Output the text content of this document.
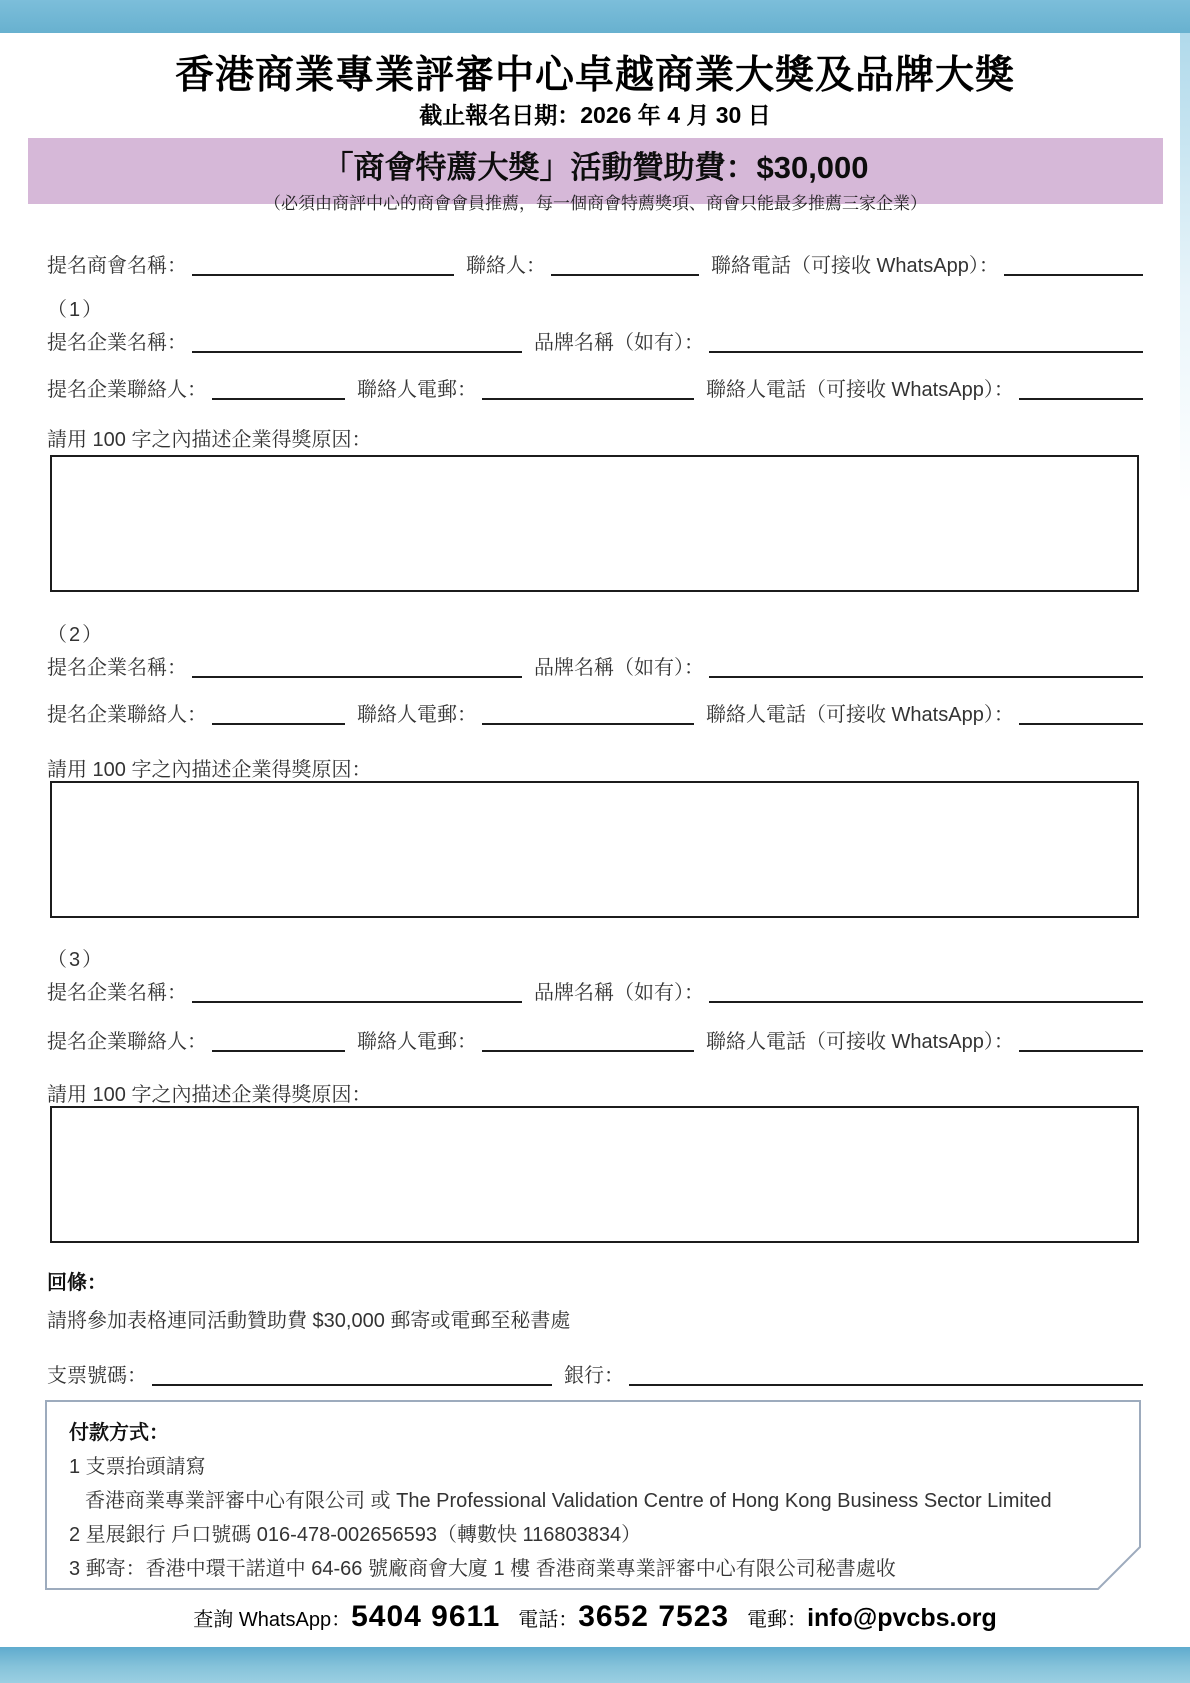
香港商業專業評審中心卓越商業大獎及品牌大獎
截止報名日期：2026 年 4 月 30 日
「商會特薦大獎」活動贊助費：$30,000
（必須由商評中心的商會會員推薦，每一個商會特薦獎項、商會只能最多推薦三家企業）
提名商會名稱：	聯絡人：	聯絡電話（可接收 WhatsApp）：
（1）
提名企業名稱：	品牌名稱（如有）：
提名企業聯絡人：	聯絡人電郵：	聯絡人電話（可接收 WhatsApp）：
請用 100 字之內描述企業得獎原因：
（2）
提名企業名稱：	品牌名稱（如有）：
提名企業聯絡人：	聯絡人電郵：	聯絡人電話（可接收 WhatsApp）：
請用 100 字之內描述企業得獎原因：
（3）
提名企業名稱：	品牌名稱（如有）：
提名企業聯絡人：	聯絡人電郵：	聯絡人電話（可接收 WhatsApp）：
請用 100 字之內描述企業得獎原因：
回條：
請將參加表格連同活動贊助費 $30,000 郵寄或電郵至秘書處
支票號碼：	銀行：
付款方式：
1 支票抬頭請寫
香港商業專業評審中心有限公司 或 The Professional Validation Centre of Hong Kong Business Sector Limited
2 星展銀行 戶口號碼 016-478-002656593（轉數快 116803834）
3 郵寄：香港中環干諾道中 64-66 號廠商會大廈 1 樓 香港商業專業評審中心有限公司秘書處收
查詢 WhatsApp： 5404 9611 電話： 3652 7523 電郵： info@pvcbs.org
